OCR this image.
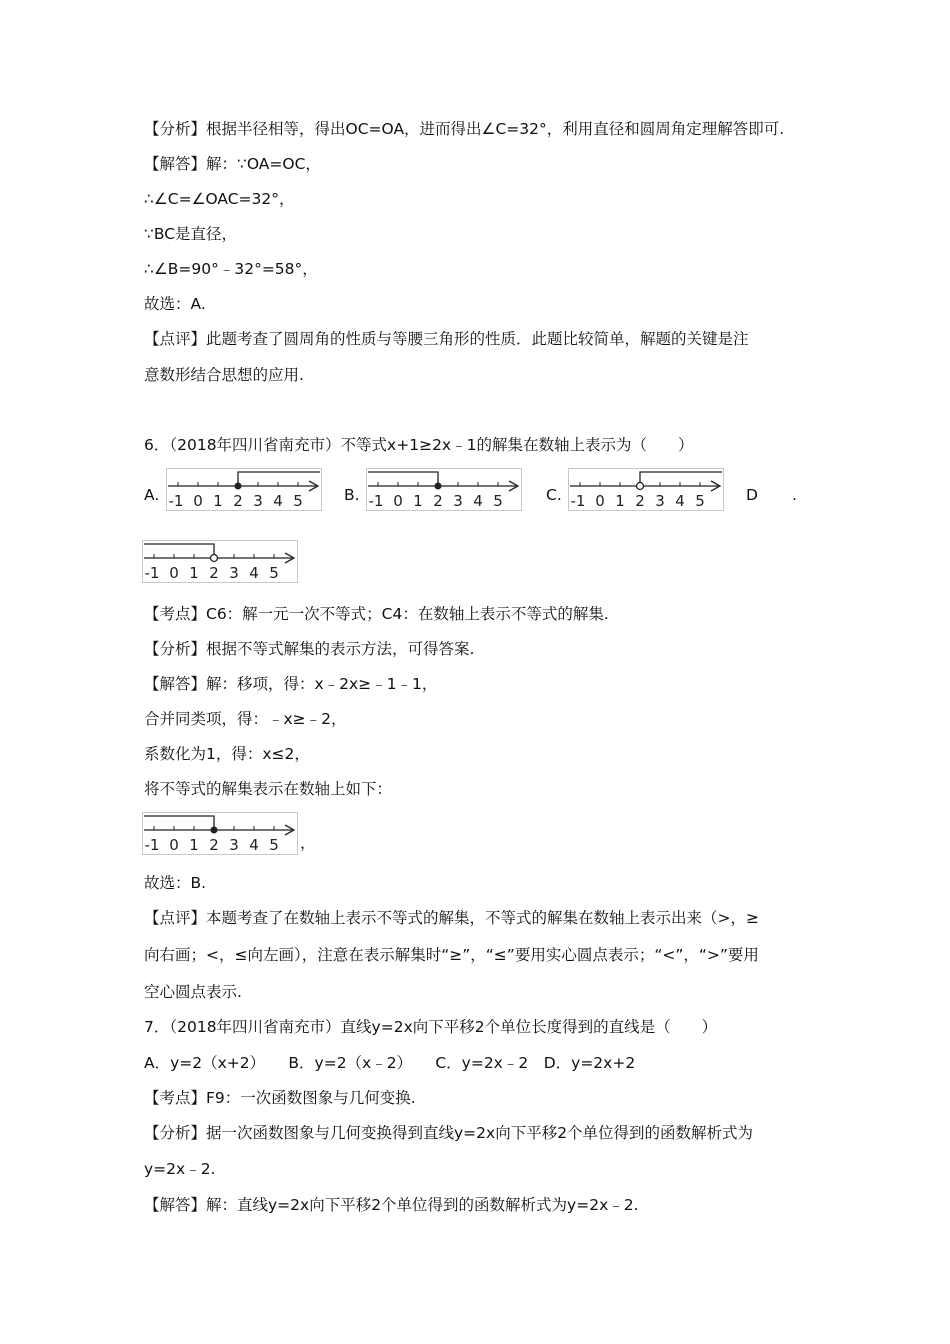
【分析】根据半径相等，得出OC=OA，进而得出∠C=32°，利用直径和圆周角定理解答即可.
【解答】解：∵OA=OC，
∴∠C=∠OAC=32°，
∵BC是直径，
∴∠B=90°﹣32°=58°，
故选：A.
【点评】此题考查了圆周角的性质与等腰三角形的性质．此题比较简单，解题的关键是注
意数形结合思想的应用.
6．（2018年四川省南充市）不等式x+1≥2x﹣1的解集在数轴上表示为（　　）
A.	B.	C.	D .
-1 0 1 2 3 4 5	-1 0 1 2 3 4 5	-1 0 1 2 3 4 5
-1 0 1 2 3 4 5
【考点】C6：解一元一次不等式；C4：在数轴上表示不等式的解集.
【分析】根据不等式解集的表示方法，可得答案.
【解答】解：移项，得：x﹣2x≥﹣1﹣1，
合并同类项，得：﹣x≥﹣2，
系数化为1，得：x≤2，
将不等式的解集表示在数轴上如下：
-1 0 1 2 3 4 5 ，
故选：B.
【点评】本题考查了在数轴上表示不等式的解集，不等式的解集在数轴上表示出来（>，≥
向右画；<，≤向左画），注意在表示解集时“≥”，“≤”要用实心圆点表示；“<”，“>”要用
空心圆点表示.
7．（2018年四川省南充市）直线y=2x向下平移2个单位长度得到的直线是（　　）
A．y=2（x+2）　　B．y=2（x﹣2）　　C．y=2x﹣2　D．y=2x+2
【考点】F9：一次函数图象与几何变换.
【分析】据一次函数图象与几何变换得到直线y=2x向下平移2个单位得到的函数解析式为
y=2x﹣2.
【解答】解：直线y=2x向下平移2个单位得到的函数解析式为y=2x﹣2.
